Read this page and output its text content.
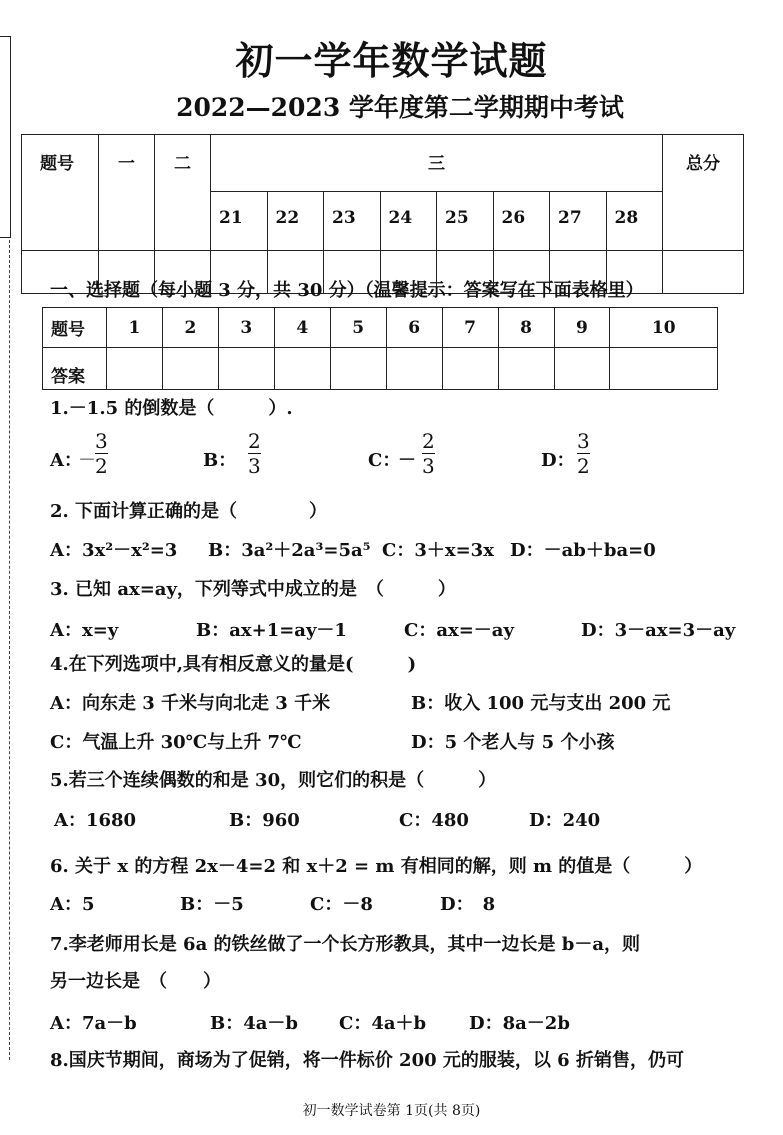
初一学年数学试题
2022—2023 学年度第二学期期中考试
题号	一	二	三								总分
			21	22	23	24	25	26	27	28	

一、选择题（每小题 3 分，共 30 分）（温馨提示：答案写在下面表格里）
题号	1	2	3	4	5	6	7	8	9	10
答案										
1.－1.5 的倒数是（　　　）.
A：
－
3
2	B：
2
3	C：
－
2
3	D：
3
2
2. 下面计算正确的是（　　　　）
A：3x²－x²=3 B：3a²＋2a³=5a⁵ C：3＋x=3x D：－ab＋ba=0
3. 已知 ax=ay，下列等式中成立的是　（　　　）
A：x=y	B：ax+1=ay－1	C：ax=－ay	D：3－ax=3－ay
4.在下列选项中,具有相反意义的量是(　　　)
A：向东走 3 千米与向北走 3 千米	B：收入 100 元与支出 200 元
C：气温上升 30℃与上升 7℃	D：5 个老人与 5 个小孩
5.若三个连续偶数的和是 30，则它们的积是（　　　）
A：1680	B：960	C：480	D：240
6. 关于 x 的方程 2x－4=2 和 x＋2 = m 有相同的解，则 m 的值是（　　　）
A：5	B：－5	C：－8	D：　8
7.李老师用长是 6a 的铁丝做了一个长方形教具，其中一边长是 b－a，则
另一边长是　（　　）
A：7a－b	B：4a－b C：4a＋b D：8a－2b
8.国庆节期间，商场为了促销，将一件标价 200 元的服装，以 6 折销售，仍可
初一数学试卷第 1页(共 8页)
